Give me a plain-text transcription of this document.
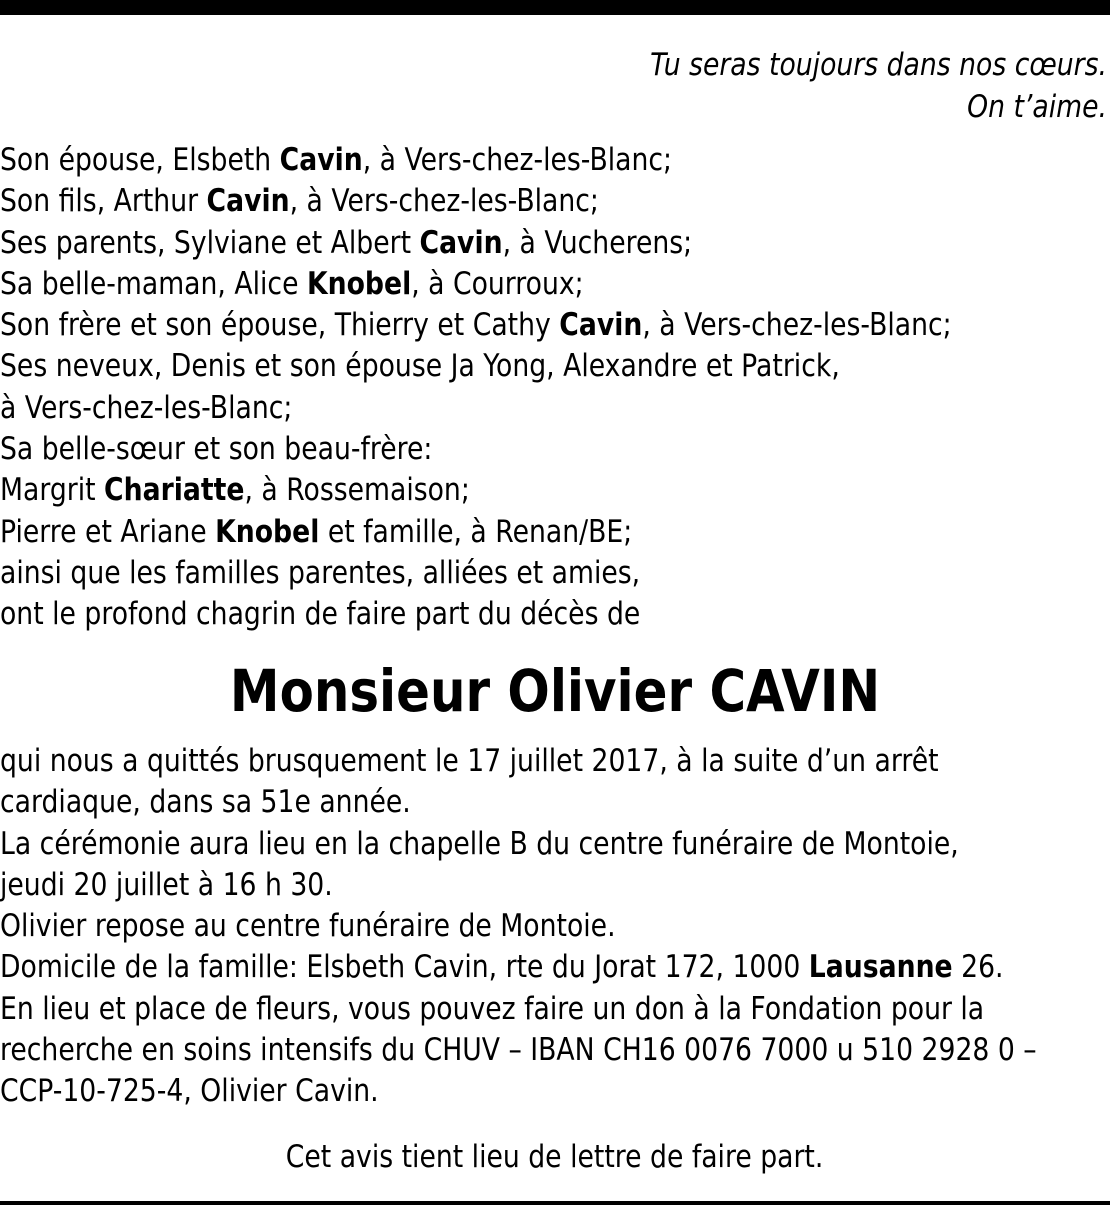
Tu seras toujours dans nos cœurs.
On t’aime.
Son épouse, Elsbeth Cavin, à Vers-chez-les-Blanc;
Son fils, Arthur Cavin, à Vers-chez-les-Blanc;
Ses parents, Sylviane et Albert Cavin, à Vucherens;
Sa belle-maman, Alice Knobel, à Courroux;
Son frère et son épouse, Thierry et Cathy Cavin, à Vers-chez-les-Blanc;
Ses neveux, Denis et son épouse Ja Yong, Alexandre et Patrick,
à Vers-chez-les-Blanc;
Sa belle-sœur et son beau-frère:
Margrit Chariatte, à Rossemaison;
Pierre et Ariane Knobel et famille, à Renan/BE;
ainsi que les familles parentes, alliées et amies,
ont le profond chagrin de faire part du décès de
Monsieur Olivier CAVIN
qui nous a quittés brusquement le 17 juillet 2017, à la suite d’un arrêt
cardiaque, dans sa 51e année.
La cérémonie aura lieu en la chapelle B du centre funéraire de Montoie,
jeudi 20 juillet à 16 h 30.
Olivier repose au centre funéraire de Montoie.
Domicile de la famille: Elsbeth Cavin, rte du Jorat 172, 1000 Lausanne 26.
En lieu et place de fleurs, vous pouvez faire un don à la Fondation pour la
recherche en soins intensifs du CHUV – IBAN CH16 0076 7000 u 510 2928 0 –
CCP-10-725-4, Olivier Cavin.
Cet avis tient lieu de lettre de faire part.
